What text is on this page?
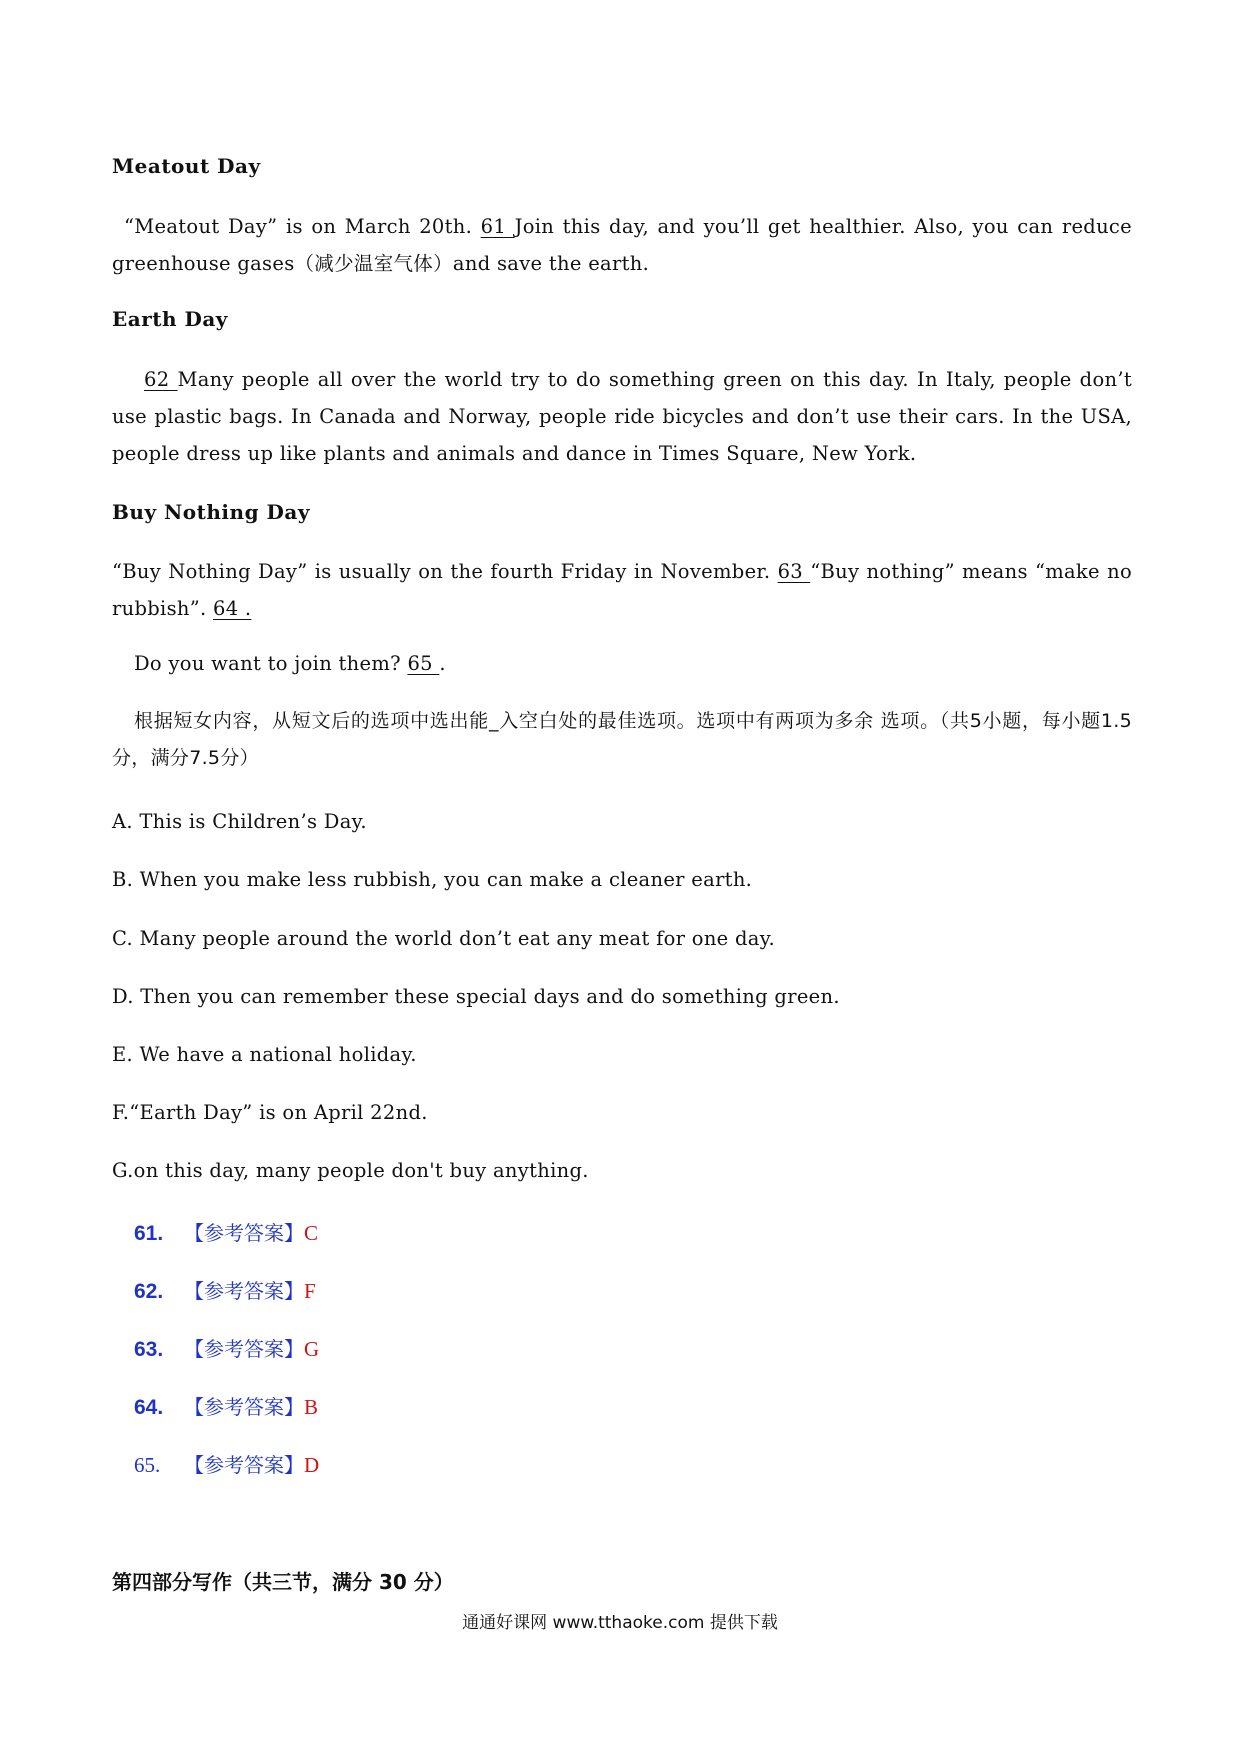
Meatout Day
“Meatout Day” is on March 20th. 61 Join this day, and you’ll get healthier. Also, you can reduce greenhouse gases（减少温室气体）and save the earth.
Earth Day
62 Many people all over the world try to do something green on this day. In Italy, people don’t use plastic bags. In Canada and Norway, people ride bicycles and don’t use their cars. In the USA, people dress up like plants and animals and dance in Times Square, New York.
Buy Nothing Day
“Buy Nothing Day” is usually on the fourth Friday in November. 63 “Buy nothing” means “make no rubbish”. 64 .
Do you want to join them? 65 .
根据短女内容，从短文后的选项中选出能_入空白处的最佳选项。选项中有两项为多余 选项。（共5小题，每小题1.5 分，满分7.5分）
A. This is Children’s Day.
B. When you make less rubbish, you can make a cleaner earth.
C. Many people around the world don’t eat any meat for one day.
D. Then you can remember these special days and do something green.
E. We have a national holiday.
F.“Earth Day” is on April 22nd.
G.on this day, many people don't buy anything.
61. 【参考答案】C
62. 【参考答案】F
63. 【参考答案】G
64. 【参考答案】B
65. 【参考答案】D
第四部分写作（共三节，满分 30 分）
通通好课网 www.tthaoke.com 提供下载
